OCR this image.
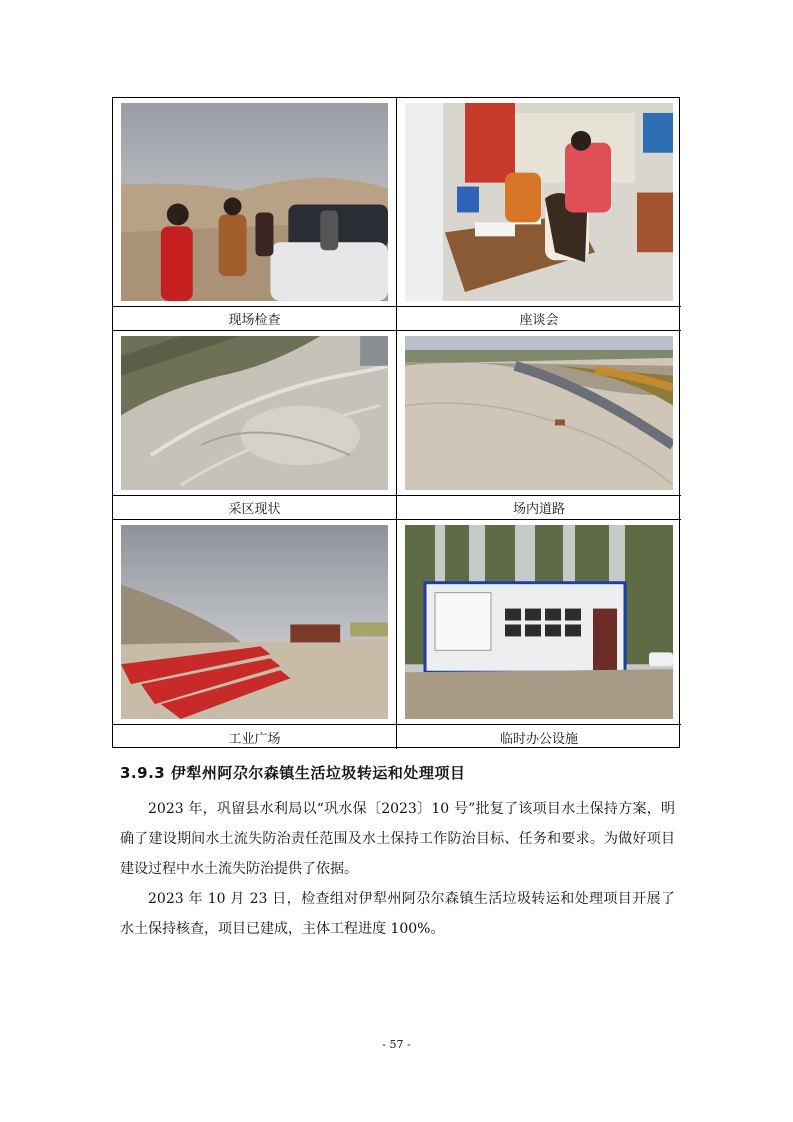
现场检查	座谈会
采区现状	场内道路
工业广场	临时办公设施
3.9.3 伊犁州阿尕尔森镇生活垃圾转运和处理项目

2023 年，巩留县水利局以“巩水保〔2023〕10 号”批复了该项目水土保持方案，明确了建设期间水土流失防治责任范围及水土保持工作防治目标、任务和要求。为做好项目建设过程中水土流失防治提供了依据。

2023 年 10 月 23 日，检查组对伊犁州阿尕尔森镇生活垃圾转运和处理项目开展了水土保持核查，项目已建成，主体工程进度 100%。

- 57 -
